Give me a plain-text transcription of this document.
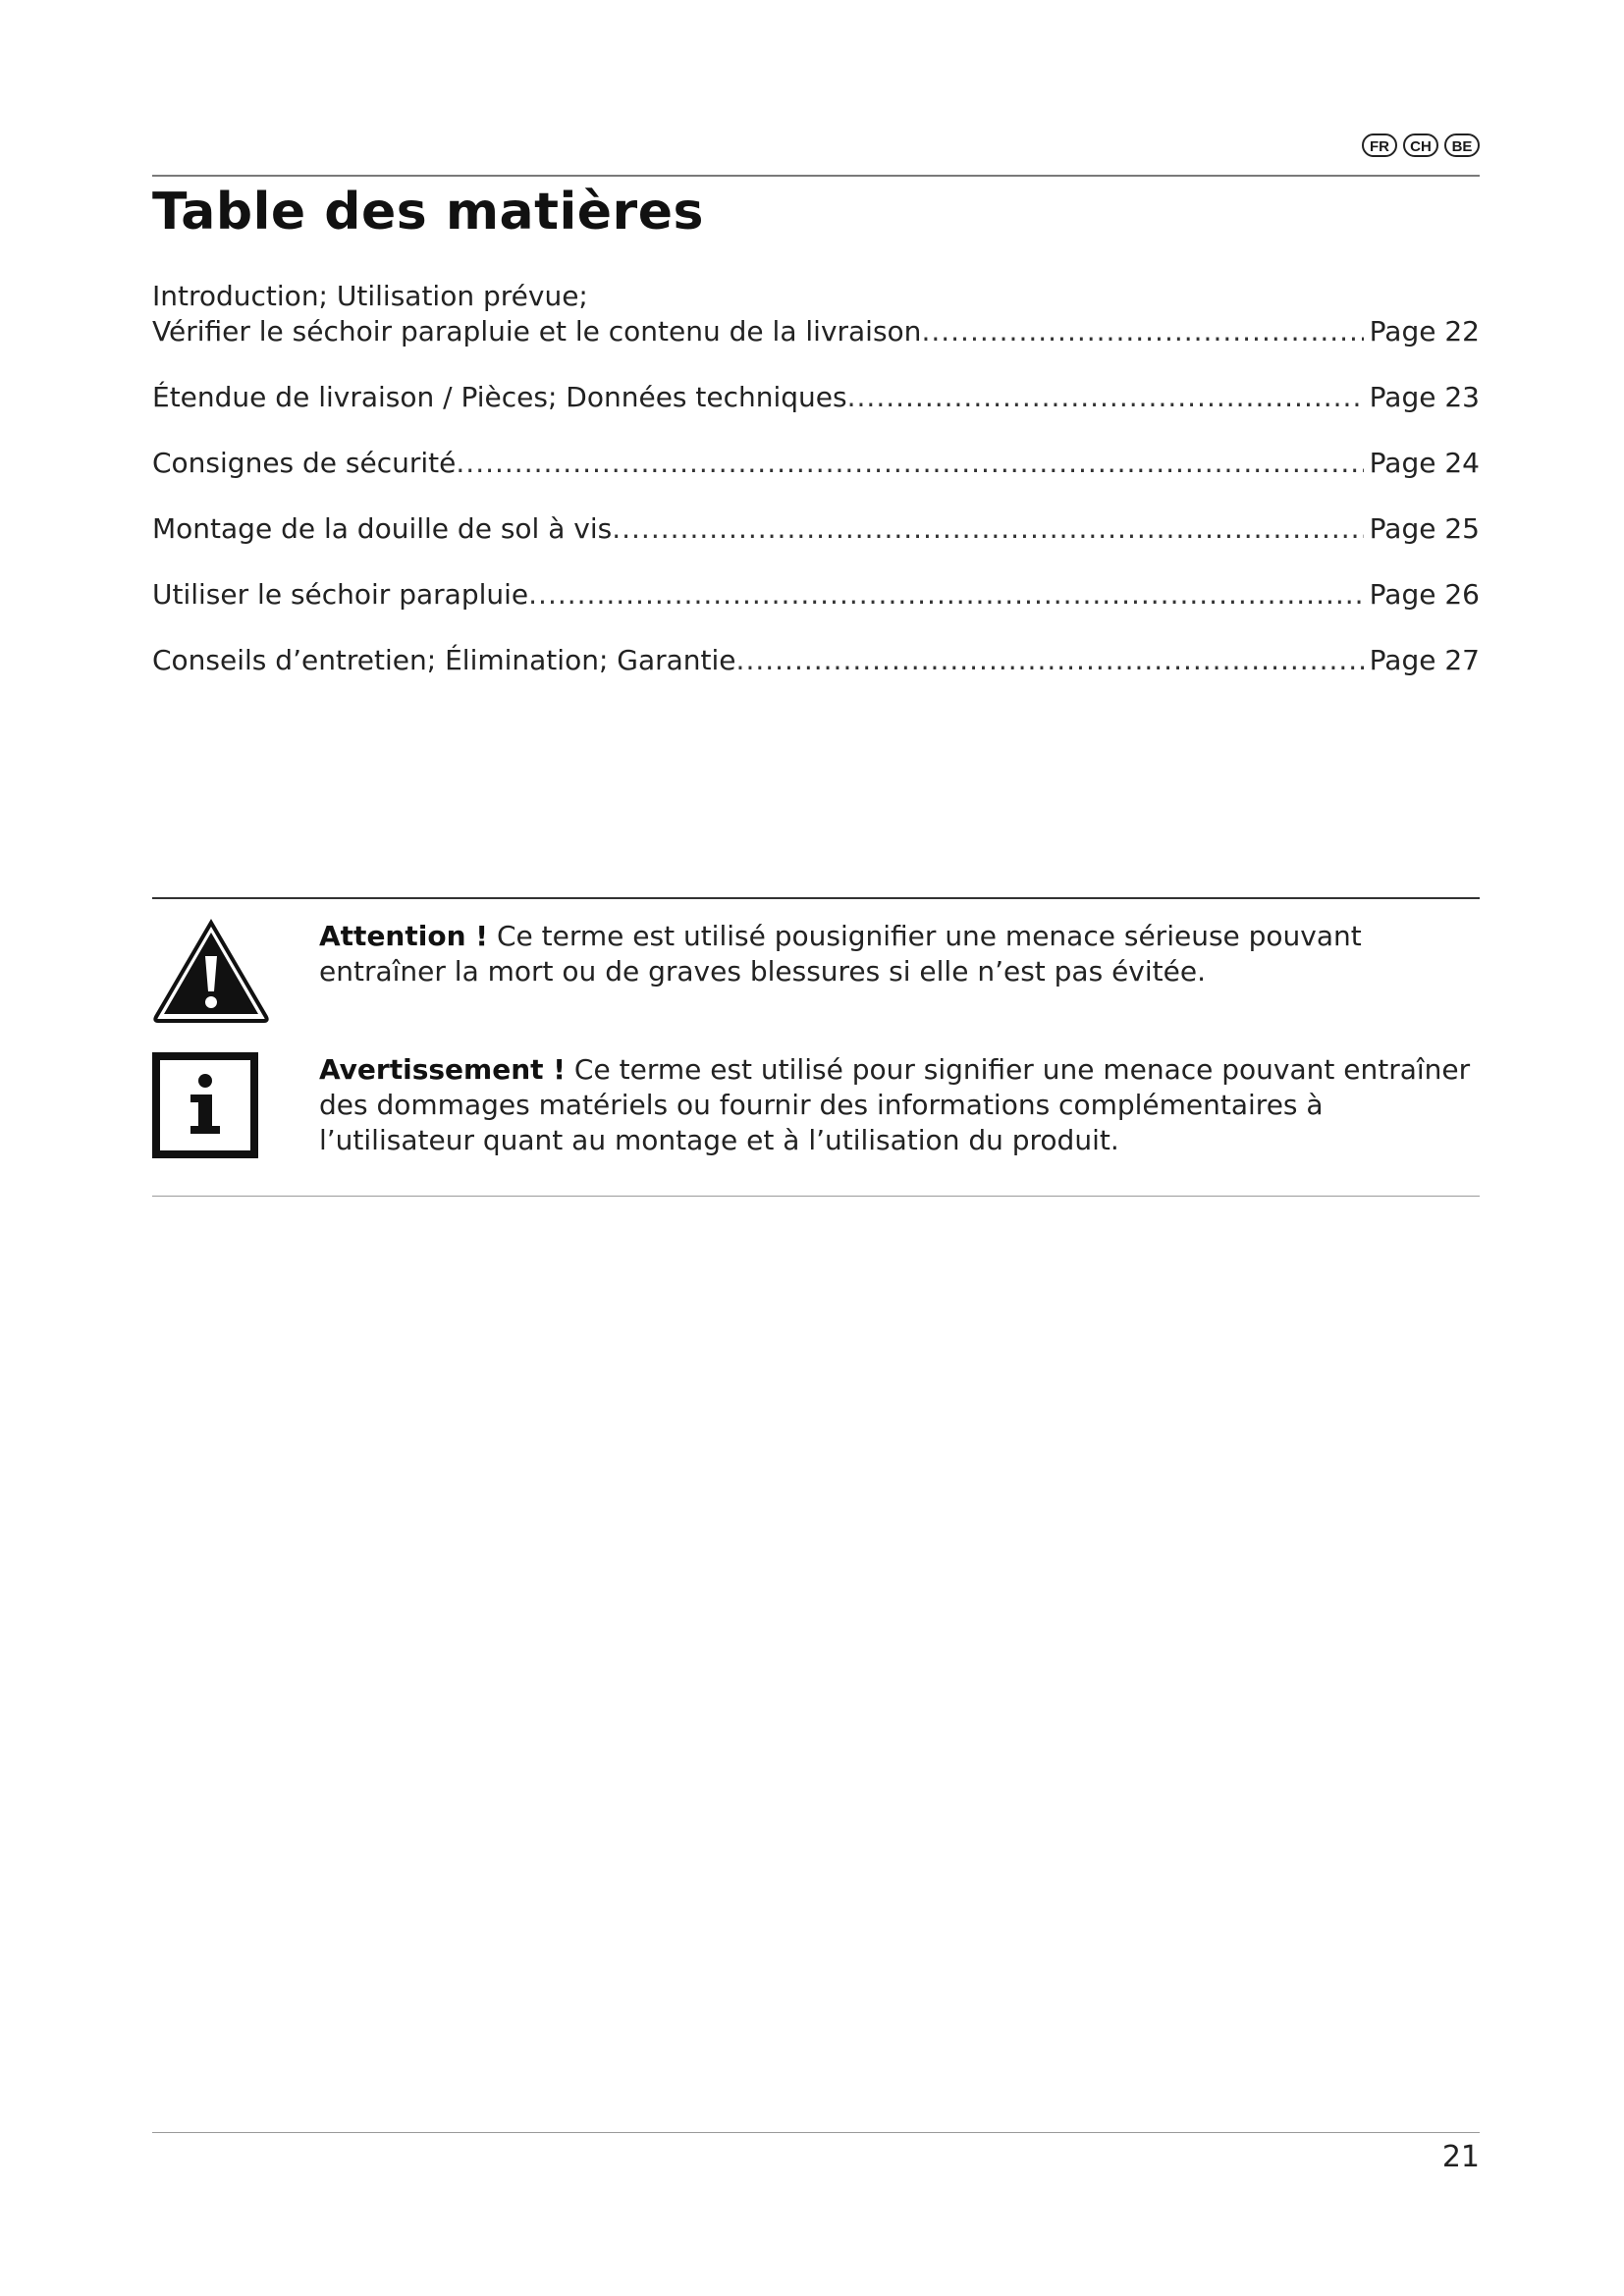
FR	CH	BE
Table des matières
Introduction; Utilisation prévue;
Vérifier le séchoir parapluie et le contenu de la livraison .....	Page 22
Étendue de livraison / Pièces; Données techniques .....	Page 23
Consignes de sécurité .....	Page 24
Montage de la douille de sol à vis .....	Page 25
Utiliser le séchoir parapluie .....	Page 26
Conseils d’entretien; Élimination; Garantie .....	Page 27
Attention ! Ce terme est utilisé pousignifier une menace sérieuse pouvant entraîner la mort ou de graves blessures si elle n’est pas évitée.
Avertissement ! Ce terme est utilisé pour signifier une menace pouvant entraîner des dommages matériels ou fournir des informations complémentaires à l’utilisateur quant au montage et à l’utilisation du produit.
21
